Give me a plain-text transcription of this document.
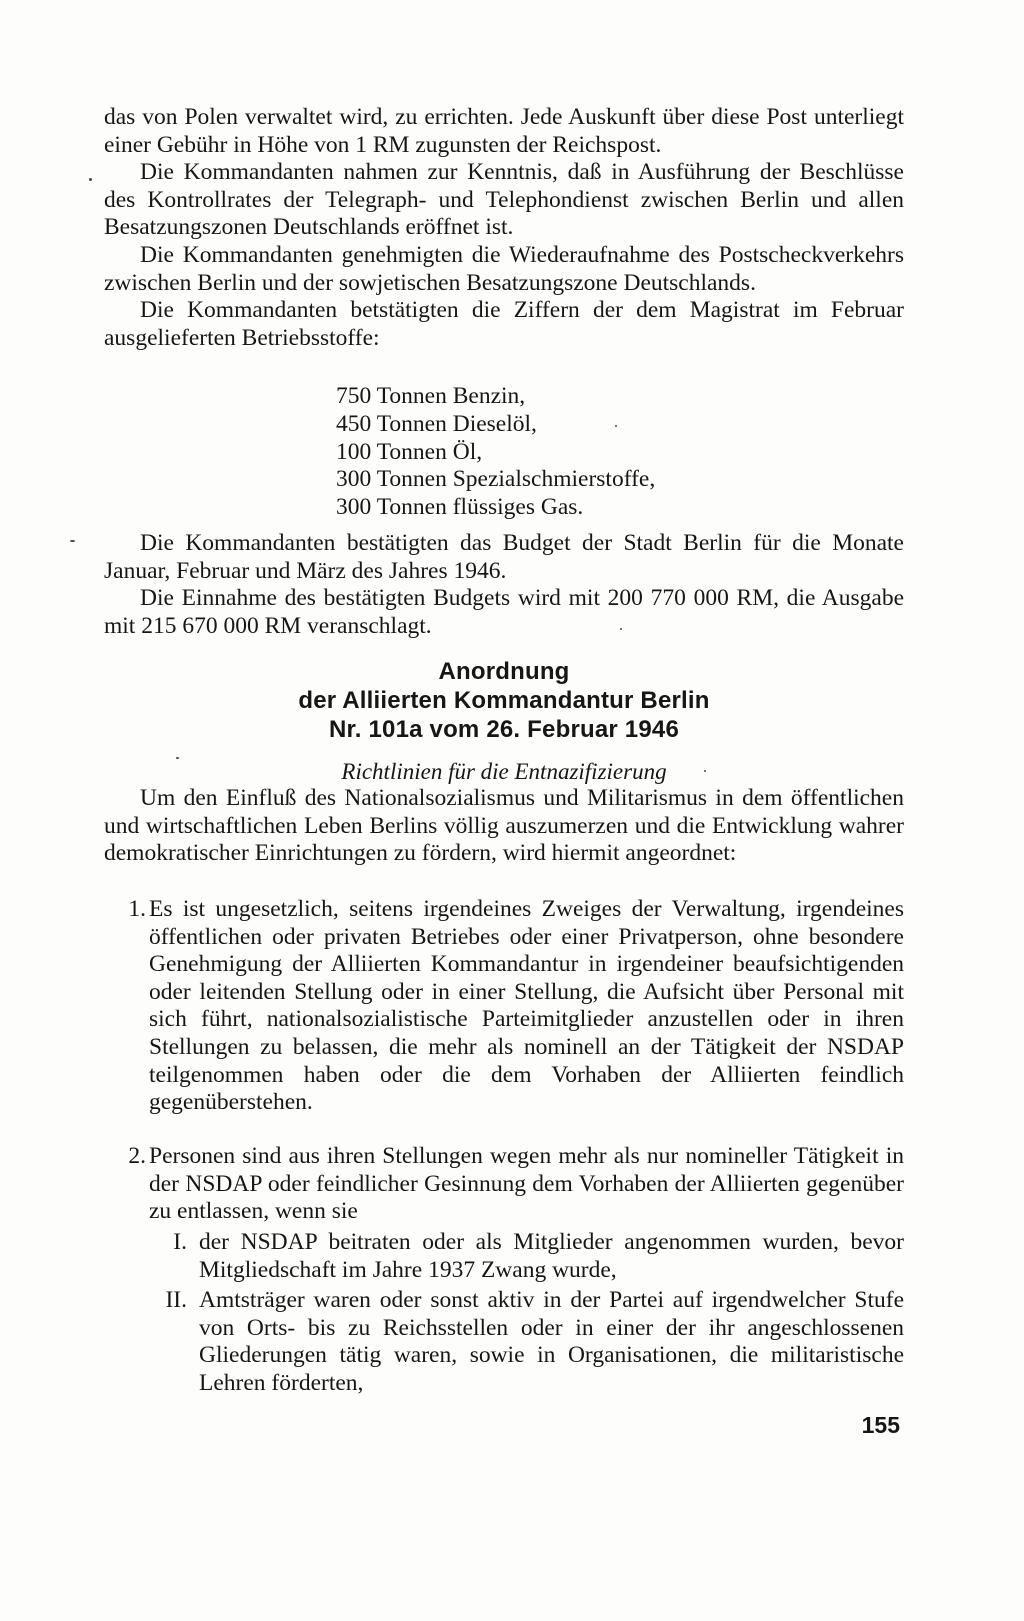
das von Polen verwaltet wird, zu errichten. Jede Auskunft über diese Post unterliegt einer Gebühr in Höhe von 1 RM zugunsten der Reichspost.

Die Kommandanten nahmen zur Kenntnis, daß in Ausführung der Beschlüsse des Kontrollrates der Telegraph- und Telephondienst zwischen Berlin und allen Besatzungszonen Deutschlands eröffnet ist.

Die Kommandanten genehmigten die Wiederaufnahme des Postscheckverkehrs zwischen Berlin und der sowjetischen Besatzungszone Deutschlands.

Die Kommandanten betstätigten die Ziffern der dem Magistrat im Februar ausgelieferten Betriebsstoffe:

750 Tonnen Benzin,
450 Tonnen Dieselöl,
100 Tonnen Öl,
300 Tonnen Spezialschmierstoffe,
300 Tonnen flüssiges Gas.

Die Kommandanten bestätigten das Budget der Stadt Berlin für die Monate Januar, Februar und März des Jahres 1946.

Die Einnahme des bestätigten Budgets wird mit 200 770 000 RM, die Ausgabe mit 215 670 000 RM veranschlagt.

Anordnung
der Alliierten Kommandantur Berlin
Nr. 101a vom 26. Februar 1946
Richtlinien für die Entnazifizierung

Um den Einfluß des Nationalsozialismus und Militarismus in dem öffentlichen und wirtschaftlichen Leben Berlins völlig auszumerzen und die Entwicklung wahrer demokratischer Einrichtungen zu fördern, wird hiermit angeordnet:

1. Es ist ungesetzlich, seitens irgendeines Zweiges der Verwaltung, irgendeines öffentlichen oder privaten Betriebes oder einer Privatperson, ohne besondere Genehmigung der Alliierten Kommandantur in irgendeiner beaufsichtigenden oder leitenden Stellung oder in einer Stellung, die Aufsicht über Personal mit sich führt, nationalsozialistische Parteimitglieder anzustellen oder in ihren Stellungen zu belassen, die mehr als nominell an der Tätigkeit der NSDAP teilgenommen haben oder die dem Vorhaben der Alliierten feindlich gegenüberstehen.
2. Personen sind aus ihren Stellungen wegen mehr als nur nomineller Tätigkeit in der NSDAP oder feindlicher Gesinnung dem Vorhaben der Alliierten gegenüber zu entlassen, wenn sie
I. der NSDAP beitraten oder als Mitglieder angenommen wurden, bevor Mitgliedschaft im Jahre 1937 Zwang wurde,
II. Amtsträger waren oder sonst aktiv in der Partei auf irgendwelcher Stufe von Orts- bis zu Reichsstellen oder in einer der ihr angeschlossenen Gliederungen tätig waren, sowie in Organisationen, die militaristische Lehren förderten,
155
